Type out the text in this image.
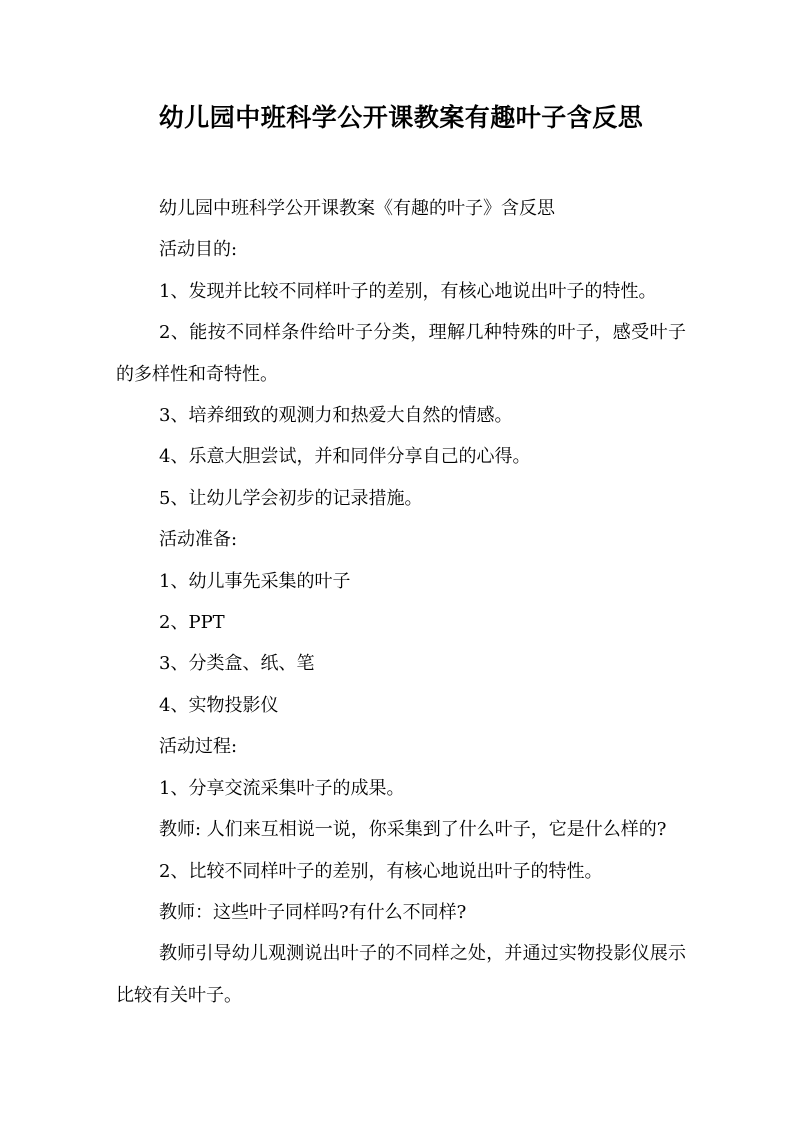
幼儿园中班科学公开课教案有趣叶子含反思

幼儿园中班科学公开课教案《有趣的叶子》含反思

活动目的:

1、发现并比较不同样叶子的差别，有核心地说出叶子的特性。

2、能按不同样条件给叶子分类，理解几种特殊的叶子，感受叶子的多样性和奇特性。

3、培养细致的观测力和热爱大自然的情感。

4、乐意大胆尝试，并和同伴分享自己的心得。

5、让幼儿学会初步的记录措施。

活动准备:

1、幼儿事先采集的叶子

2、PPT

3、分类盒、纸、笔

4、实物投影仪

活动过程:

1、分享交流采集叶子的成果。

教师: 人们来互相说一说，你采集到了什么叶子，它是什么样的?

2、比较不同样叶子的差别，有核心地说出叶子的特性。

教师：这些叶子同样吗?有什么不同样?

教师引导幼儿观测说出叶子的不同样之处，并通过实物投影仪展示比较有关叶子。
